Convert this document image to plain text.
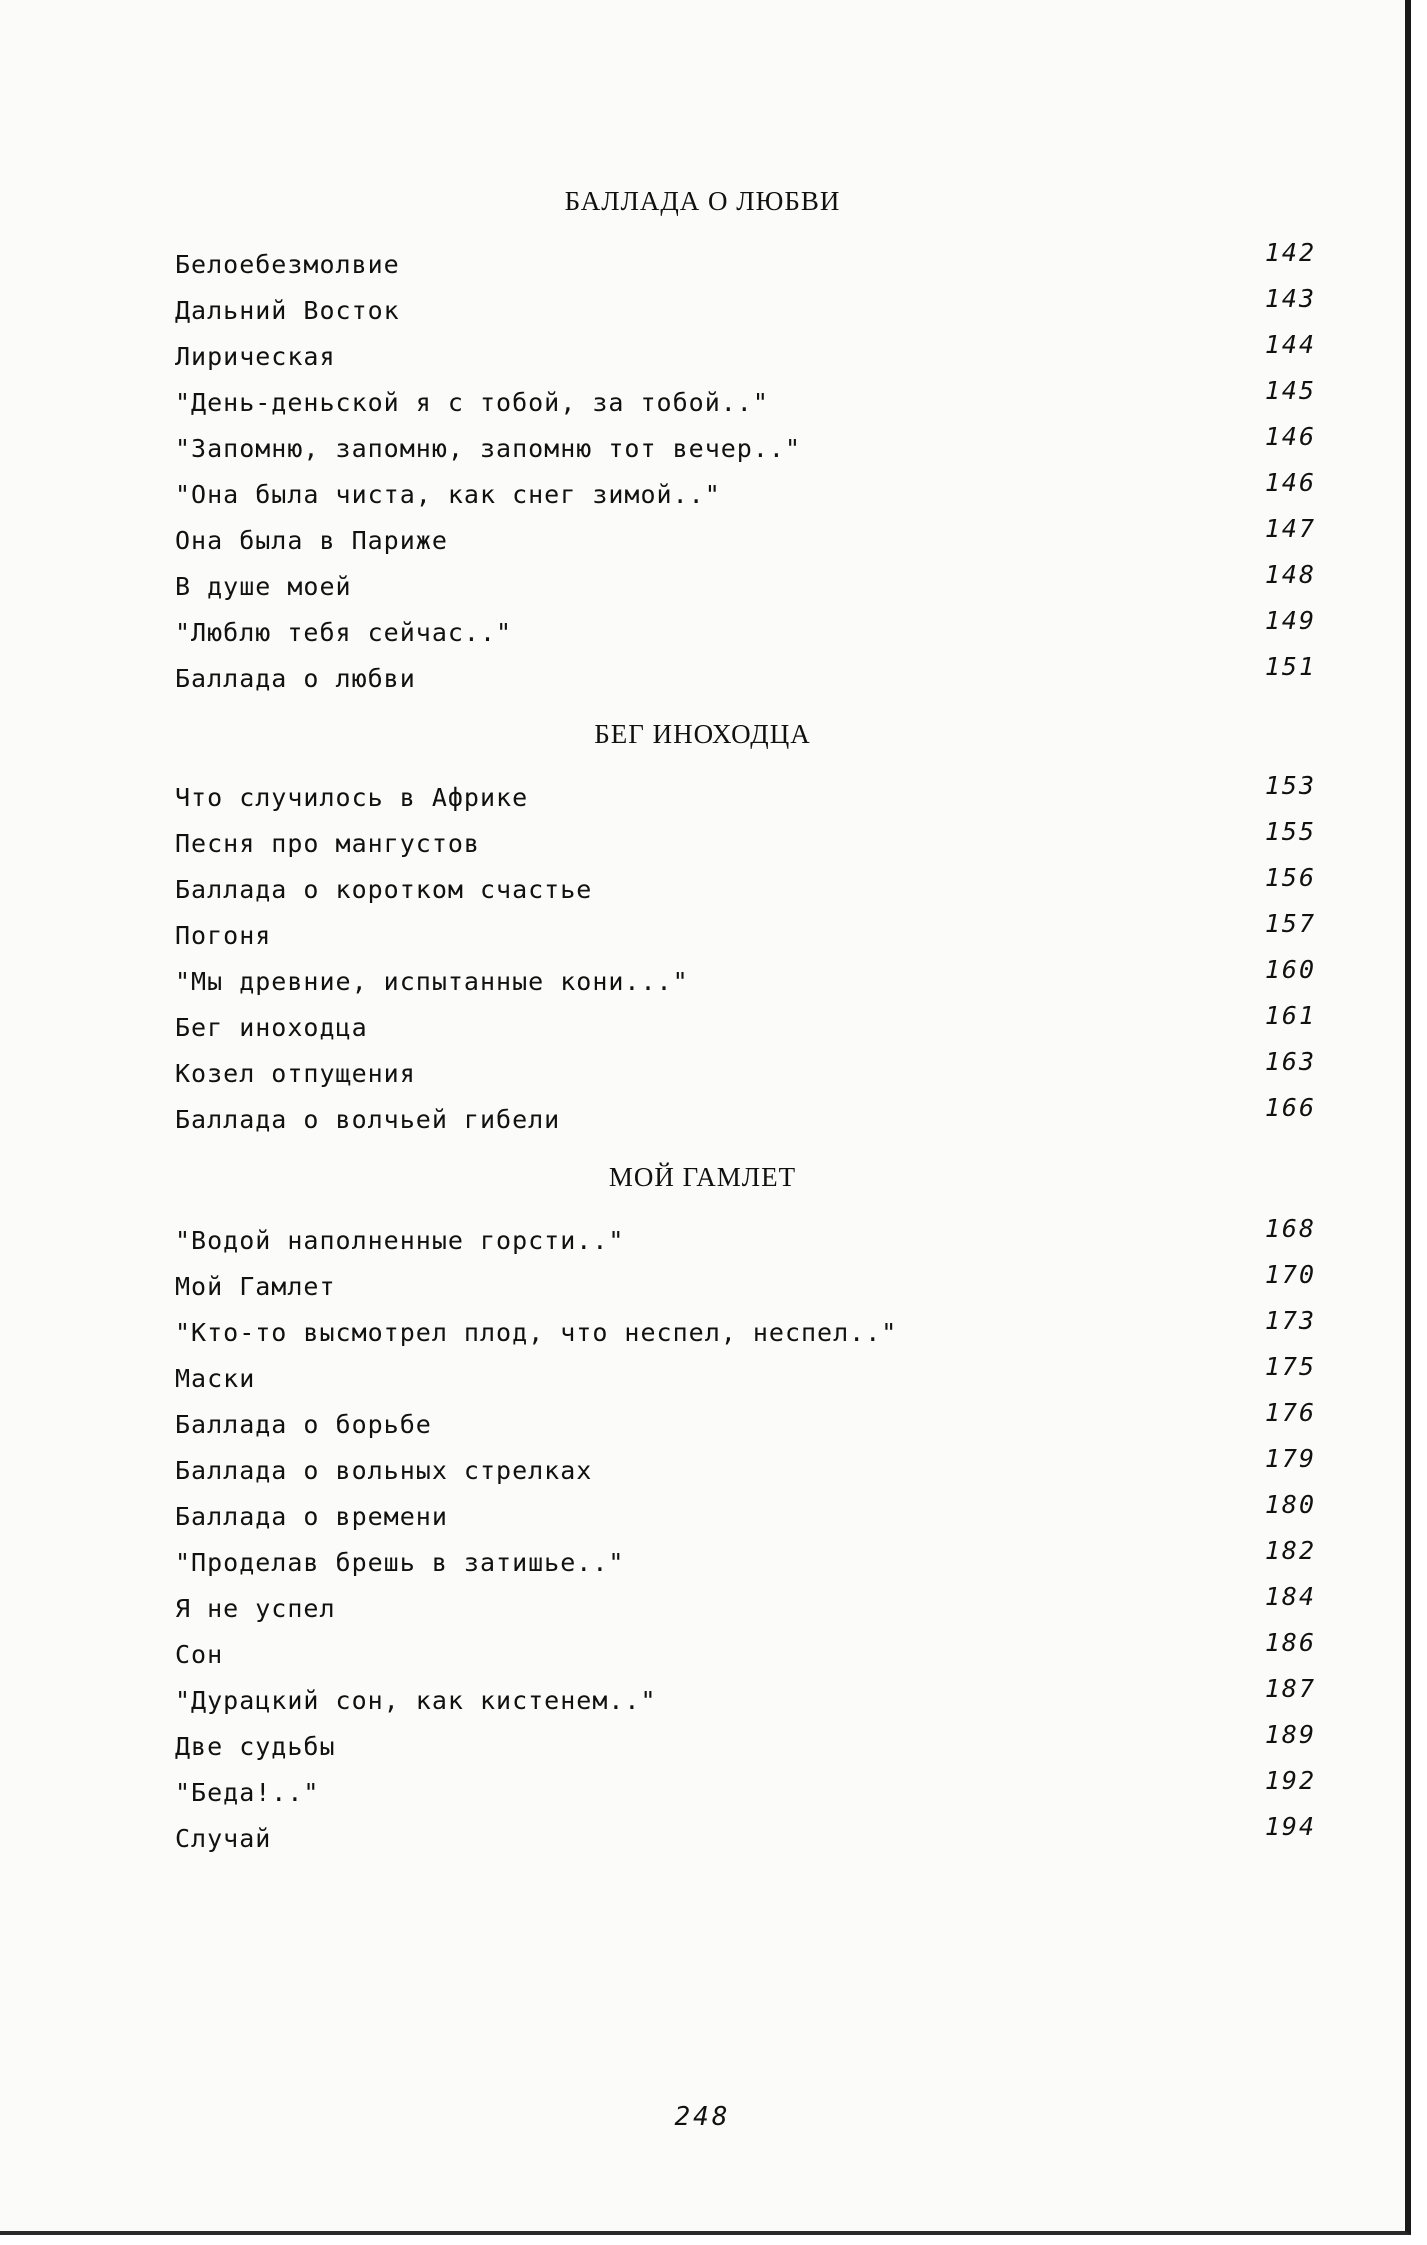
БАЛЛАДА О ЛЮБВИ
Белоебезмолвие	142
Дальний Восток	143
Лирическая	144
"День-деньской я с тобой, за тобой.."	145
"Запомню, запомню, запомню тот вечер.."	146
"Она была чиста, как снег зимой.."	146
Она была в Париже	147
В душе моей	148
"Люблю тебя сейчас.."	149
Баллада о любви	151
БЕГ ИНОХОДЦА
Что случилось в Африке	153
Песня про мангустов	155
Баллада о коротком счастье	156
Погоня	157
"Мы древние, испытанные кони..."	160
Бег иноходца	161
Козел отпущения	163
Баллада о волчьей гибели	166
МОЙ ГАМЛЕТ
"Водой наполненные горсти.."	168
Мой Гамлет	170
"Кто-то высмотрел плод, что неспел, неспел.."	173
Маски	175
Баллада о борьбе	176
Баллада о вольных стрелках	179
Баллада о времени	180
"Проделав брешь в затишье.."	182
Я не успел	184
Сон	186
"Дурацкий сон, как кистенем.."	187
Две судьбы	189
"Беда!.."	192
Случай	194
248
